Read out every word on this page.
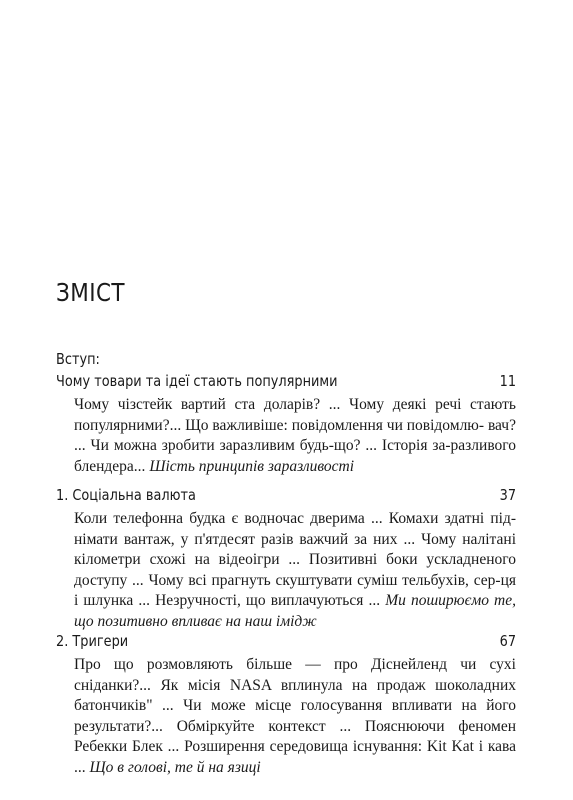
ЗМІСТ
Вступ:
Чому товари та ідеї стають популярними	11
Чому чізстейк вартий ста доларів? ... Чому деякі речі стають популярними?... Що важливіше: повідомлення чи повідомлю- вач? ... Чи можна зробити заразливим будь-що? ... Історія за-разливого блендера... Шість принципів заразливості
1. Соціальна валюта	37
Коли телефонна будка є водночас дверима ... Комахи здатні під-німати вантаж, у п'ятдесят разів важчий за них ... Чому налітані кілометри схожі на відеоігри ... Позитивні боки ускладненого доступу ... Чому всі прагнуть скуштувати суміш тельбухів, сер-ця і шлунка ... Незручності, що виплачуються ... Ми поширюємо те, що позитивно впливає на наш імідж
2. Тригери	67
Про що розмовляють більше — про Діснейленд чи сухі сніданки?... Як місія NASA вплинула на продаж шоколадних батончиків" ... Чи може місце голосування впливати на його результати?... Обміркуйте контекст ... Пояснюючи феномен Ребекки Блек ... Розширення середовища існування: Kit Kat і кава ... Що в голові, те й на язиці
